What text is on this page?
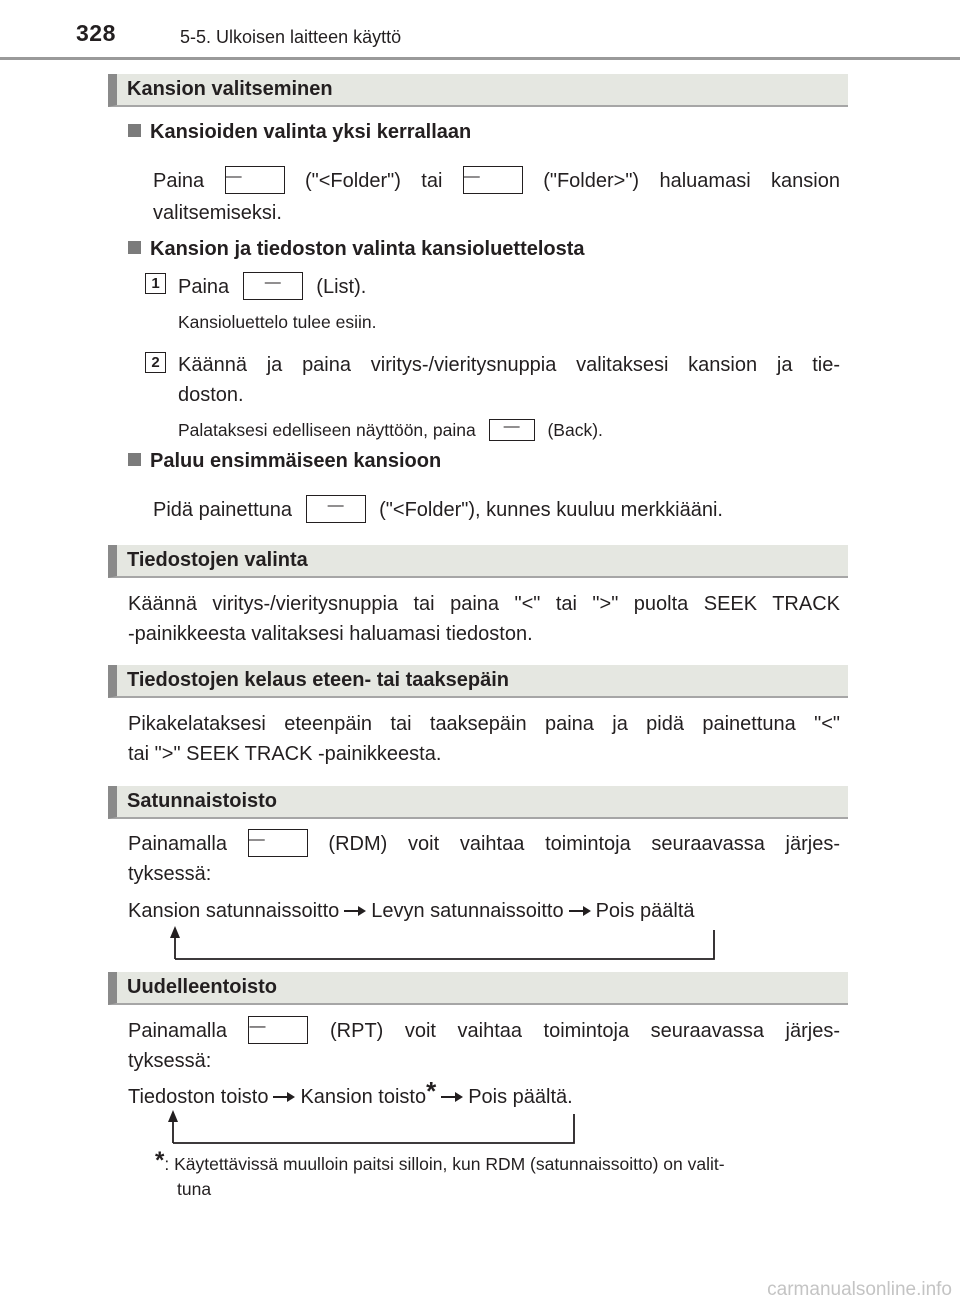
328	5-5. Ulkoisen laitteen käyttö
Kansion valitseminen
Kansioiden valinta yksi kerrallaan
Paina —	("<Folder") tai —	("Folder>") haluamasi kansion
valitsemiseksi.
Kansion ja tiedoston valinta kansioluettelosta
1 Paina — (List).
Kansioluettelo tulee esiin.
2 Käännä ja paina viritys-/vieritysnuppia valitaksesi kansion ja tie-
doston.
Palataksesi edelliseen näyttöön, paina — (Back).
Paluu ensimmäiseen kansioon
Pidä painettuna — ("<Folder"), kunnes kuuluu merkkiääni.
Tiedostojen valinta
Käännä viritys-/vieritysnuppia tai paina "<" tai ">" puolta SEEK TRACK
-painikkeesta valitaksesi haluamasi tiedoston.
Tiedostojen kelaus eteen- tai taaksepäin
Pikakelataksesi eteenpäin tai taaksepäin paina ja pidä painettuna "<"
tai ">" SEEK TRACK -painikkeesta.
Satunnaistoisto
Painamalla —	(RDM) voit vaihtaa toimintoja seuraavassa järjes-
tyksessä:
Kansion satunnaissoitto Levyn satunnaissoitto Pois päältä
Uudelleentoisto
Painamalla —	(RPT) voit vaihtaa toimintoja seuraavassa järjes-
tyksessä:
Tiedoston toisto Kansion toisto* Pois päältä.
*: Käytettävissä muulloin paitsi silloin, kun RDM (satunnaissoitto) on valit-
tuna
carmanualsonline.info
